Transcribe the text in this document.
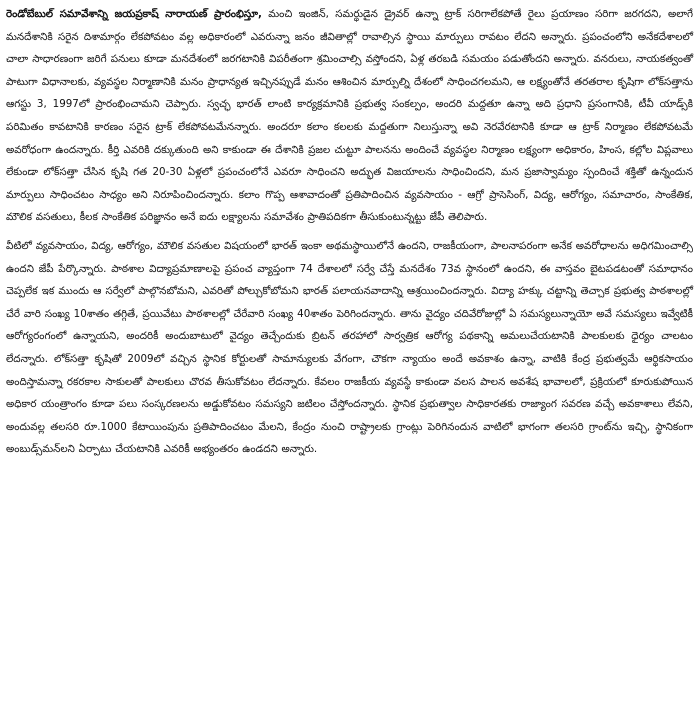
రెండోబేబుల్ సమావేశాన్ని జయప్రకాష్ నారాయణ్ ప్రారంభిస్తూ, మంచి ఇంజిన్, సమర్థుడైన డ్రైవర్ ఉన్నా ట్రాక్ సరిగాలేకపోతే రైలు ప్రయాణం సరిగా జరగదని, అలాగే మనదేశానికి సరైన దిశామార్గం లేకపోవటం వల్ల అధికారంలో ఎవరున్నా జనం జీవితాల్లో రావాల్సిన స్థాయి మార్పులు రావటం లేదని అన్నారు. ప్రపంచంలోని అనేకదేశాలలో చాలా సాధారణంగా జరిగే పనులు కూడా మనదేశంలో జరగటానికి విపరీతంగా శ్రమించాల్సి వస్తోందని, ఏళ్ల తరబడి సమయం పడుతోందని అన్నారు. వనరులు, నాయకత్వంతో పాటుగా విధానాలకు, వ్యవస్థల నిర్మాణానికి మనం ప్రాధాన్యత ఇచ్చినప్పుడే మనం ఆశించిన మార్పుల్ని దేశంలో సాధించగలమని, ఆ లక్ష్యంతోనే తరతరాల కృషిగా లోక్‌సత్తాను ఆగస్టు 3, 1997లో ప్రారంభించామని చెప్పారు. స్వచ్ఛ భారత్ లాంటి కార్యక్రమానికి ప్రభుత్వ సంకల్పం, అందరి మద్దతూ ఉన్నా అది ప్రధాని ప్రసంగానికి, టీవీ యాడ్స్‌కి పరిమితం కావటానికి కారణం సరైన ట్రాక్ లేకపోవటమేనన్నారు. అందరూ కలాం కలలకు మద్దతుగా నిలుస్తున్నా అవి నెరవేరటానికి కూడా ఆ ట్రాక్ నిర్మాణం లేకపోవటమే అవరోధంగా ఉందన్నారు. కీర్తి ఎవరికి దక్కుతుంది అని కాకుండా ఈ దేశానికి ప్రజల చుట్టూ పాలనను అందించే వ్యవస్థల నిర్మాణం లక్ష్యంగా అధికారం, హింస, కల్లోల విప్లవాలు లేకుండా లోక్‌సత్తా చేసిన కృషి గత 20-30 ఏళ్లలో ప్రపంచంలోనే ఎవరూ సాధించని అద్భుత విజయాలను సాధించిందని, మన ప్రజాస్వామ్యం స్పందించే శక్తితో ఉన్నందున మార్పులు సాధించటం సాధ్యం అని నిరూపించిందన్నారు. కలాం గొప్ప ఆశావాదంతో ప్రతిపాదించిన వ్యవసాయం - ఆగ్రో ప్రాసెసింగ్, విద్య, ఆరోగ్యం, సమాచారం, సాంకేతిక, మౌలిక వసతులు, కీలక సాంకేతిక పరిజ్ఞానం అనే ఐదు లక్ష్యాలను సమావేశం ప్రాతిపదికగా తీసుకుంటున్నట్టు జేపీ తెలిపారు.

వీటిలో వ్యవసాయం, విద్య, ఆరోగ్యం, మౌలిక వసతుల విషయంలో భారత్ ఇంకా అథమస్థాయిలోనే ఉందని, రాజకీయంగా, పాలనాపరంగా అనేక అవరోధాలను అధిగమించాల్సి ఉందని జేపీ పేర్కొన్నారు. పాఠశాల విద్యాప్రమాణాలపై ప్రపంచ వ్యాప్తంగా 74 దేశాలలో సర్వే చేస్తే మనదేశం 73వ స్థానంలో ఉందని, ఈ వాస్తవం బైటపడటంతో సమాధానం చెప్పలేక ఇక ముందు ఆ సర్వేలో పాల్గొనబోమని, ఎవరితో పోల్చుకోబోమని భారత్ పలాయనవాదాన్ని ఆశ్రయించిందన్నారు. విద్యా హక్కు చట్టాన్ని తెచ్చాక ప్రభుత్వ పాఠశాలల్లో చేరే వారి సంఖ్య 10శాతం తగ్గితే, ప్రయివేటు పాఠశాలల్లో చేరేవారి సంఖ్య 40శాతం పెరిగిందన్నారు. తాను వైద్యం చదివేరోజుల్లో ఏ సమస్యలున్నాయో అవే సమస్యలు ఇవ్వేటికీ ఆరోగ్యరంగంలో ఉన్నాయని, అందరికీ అందుబాటులో వైద్యం తెచ్చేందుకు బ్రిటన్ తరహాలో సార్వత్రిక ఆరోగ్య పథకాన్ని అమలుచేయటానికి పాలకులకు ధైర్యం చాలటం లేదన్నారు. లోక్‌సత్తా కృషితో 2009లో వచ్చిన స్థానిక కోర్టులతో సామాన్యులకు వేగంగా, చౌకగా న్యాయం అందే అవకాశం ఉన్నా, వాటికి కేంద్ర ప్రభుత్వమే ఆర్థికసాయం అందిస్తామన్నా రకరకాల సాకులతో పాలకులు చొరవ తీసుకోవటం లేదన్నారు. కేవలం రాజకీయ వ్యవస్థే కాకుండా వలస పాలన అవశేష భావాలలో, ప్రక్రియలో కూరుకుపోయిన అధికార యంత్రాంగం కూడా పలు సంస్కరణలను అడ్డుకోవటం సమస్యని జటిలం చేస్తోందన్నారు. స్థానిక ప్రభుత్వాల సాధికారతకు రాజ్యాంగ సవరణ వచ్చే అవకాశాలు లేవని, అందువల్ల తలసరి రూ.1000 కేటాయింపును ప్రతిపాదించటం మేలని, కేంద్రం నుంచి రాష్ట్రాలకు గ్రాంట్లు పెరిగినందున వాటిలో భాగంగా తలసరి గ్రాంట్‌ను ఇచ్చి, స్థానికంగా అంబుడ్స్‌మన్‌లని ఏర్పాటు చేయటానికి ఎవరికీ అభ్యంతరం ఉండదని అన్నారు.
